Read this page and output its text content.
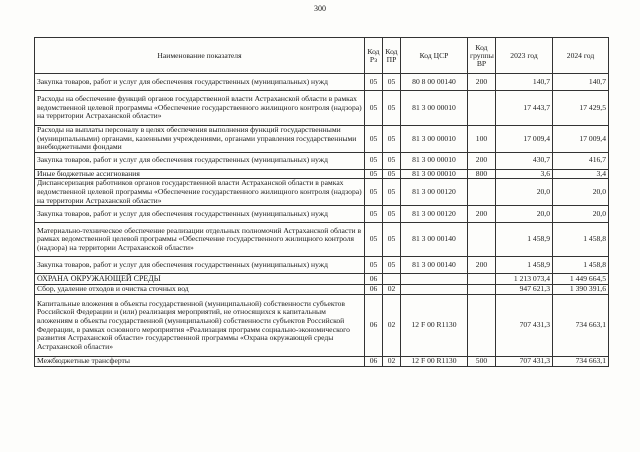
300
Наименование показателя	Код Рз	Код ПР	Код ЦСР	Код группы ВР	2023 год	2024 год
Закупка товаров, работ и услуг для обеспечения государственных (муниципальных) нужд	05	05	80 8 00 00140	200	140,7	140,7
Расходы на обеспечение функций органов государственной власти Астраханской области в рамках ведомственной целевой программы «Обеспечение государственного жилищного контроля (надзора) на территории Астраханской области»	05	05	81 3 00 00010		17 443,7	17 429,5
Расходы на выплаты персоналу в целях обеспечения выполнения функций государственными (муниципальными) органами, казенными учреждениями, органами управления государственными внебюджетными фондами	05	05	81 3 00 00010	100	17 009,4	17 009,4
Закупка товаров, работ и услуг для обеспечения государственных (муниципальных) нужд	05	05	81 3 00 00010	200	430,7	416,7
Иные бюджетные ассигнования	05	05	81 3 00 00010	800	3,6	3,4
Диспансеризация работников органов государственной власти Астраханской области в рамках ведомственной целевой программы «Обеспечение государственного жилищного контроля (надзора) на территории Астраханской области»	05	05	81 3 00 00120		20,0	20,0
Закупка товаров, работ и услуг для обеспечения государственных (муниципальных) нужд	05	05	81 3 00 00120	200	20,0	20,0
Материально-техническое обеспечение реализации отдельных полномочий Астраханской области в рамках ведомственной целевой программы «Обеспечение государственного жилищного контроля (надзора) на территории Астраханской области»	05	05	81 3 00 00140		1 458,9	1 458,8
Закупка товаров, работ и услуг для обеспечения государственных (муниципальных) нужд	05	05	81 3 00 00140	200	1 458,9	1 458,8
ОХРАНА ОКРУЖАЮЩЕЙ СРЕДЫ	06				1 213 073,4	1 449 664,5
Сбор, удаление отходов и очистка сточных вод	06	02			947 621,3	1 390 391,6
Капитальные вложения в объекты государственной (муниципальной) собственности субъектов Российской Федерации и (или) реализация мероприятий, не относящихся к капитальным вложениям в объекты государственной (муниципальной) собственности субъектов Российской Федерации, в рамках основного мероприятия «Реализация программ социально-экономического развития Астраханской области» государственной программы «Охрана окружающей среды Астраханской области»	06	02	12 F 00 R1130		707 431,3	734 663,1
Межбюджетные трансферты	06	02	12 F 00 R1130	500	707 431,3	734 663,1
